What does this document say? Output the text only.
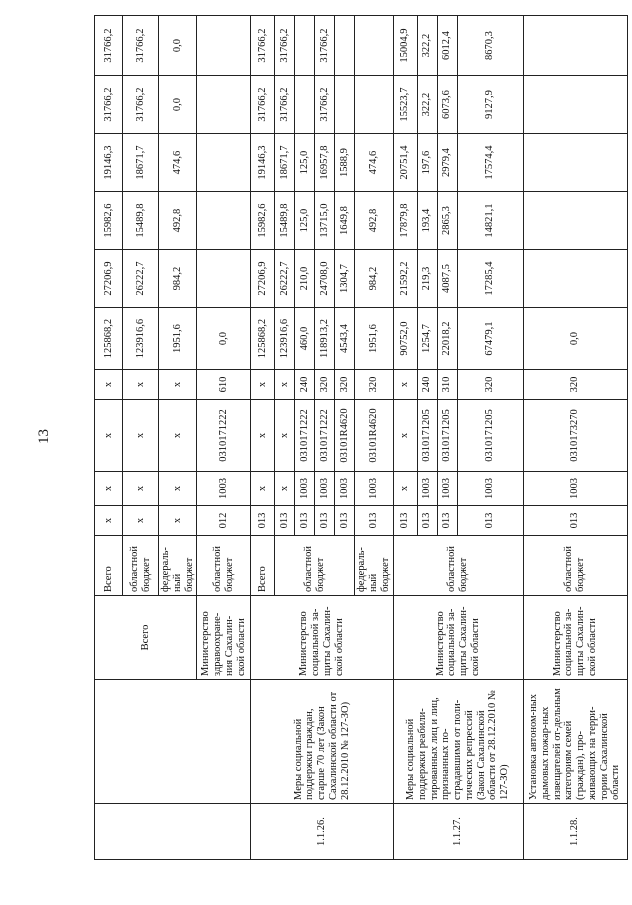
13
		Всего	Всего	х	х	х	х	125868,2	27206,9	15982,6	19146,3	31766,2	31766,2
			областной бюджет	х	х	х	х	123916,6	26222,7	15489,8	18671,7	31766,2	31766,2
			федераль-ный бюджет	х	х	х	х	1951,6	984,2	492,8	474,6	0,0	0,0
		Министерство здравоохране-ния Сахалин-ской области	областной бюджет	012	1003	0310171222	610	0,0					
1.1.26.	Меры социальной поддержки граждан, старше 70 лет (Закон Сахалинской области от 28.12.2010 № 127-ЗО)	Министерство социальной за-щиты Сахалин-ской области	Всего	013	х	х	х	125868,2	27206,9	15982,6	19146,3	31766,2	31766,2
			областной бюджет	013	х	х	х	123916,6	26222,7	15489,8	18671,7	31766,2	31766,2
				013	1003	0310171222	240	460,0	210,0	125,0	125,0		
				013	1003	0310171222	320	118913,2	24708,0	13715,0	16957,8	31766,2	31766,2
				013	1003	03101R4620	320	4543,4	1304,7	1649,8	1588,9		
			федераль-ный бюджет	013	1003	03101R4620	320	1951,6	984,2	492,8	474,6		
1.1.27.	Меры социальной поддержки реабили-тированных лиц и лиц, признанных по-страдавшими от поли-тических репрессий (Закон Сахалинской области от 28.12.2010 № 127-ЗО)	Министерство социальной за-щиты Сахалин-ской области	областной бюджет	013	х	х	х	90752,0	21592,2	17879,8	20751,4	15523,7	15004,9
				013	1003	0310171205	240	1254,7	219,3	193,4	197,6	322,2	322,2
				013	1003	0310171205	310	22018,2	4087,5	2865,3	2979,4	6073,6	6012,4
				013	1003	0310171205	320	67479,1	17285,4	14821,1	17574,4	9127,9	8670,3
1.1.28.	Установка автоном-ных дымовых пожар-ных извещателей от-дельным категориям семей (граждан), про-живающих на терри-тории Сахалинской области	Министерство социальной за-щиты Сахалин-ской области	областной бюджет	013	1003	0310173270	320	0,0					
